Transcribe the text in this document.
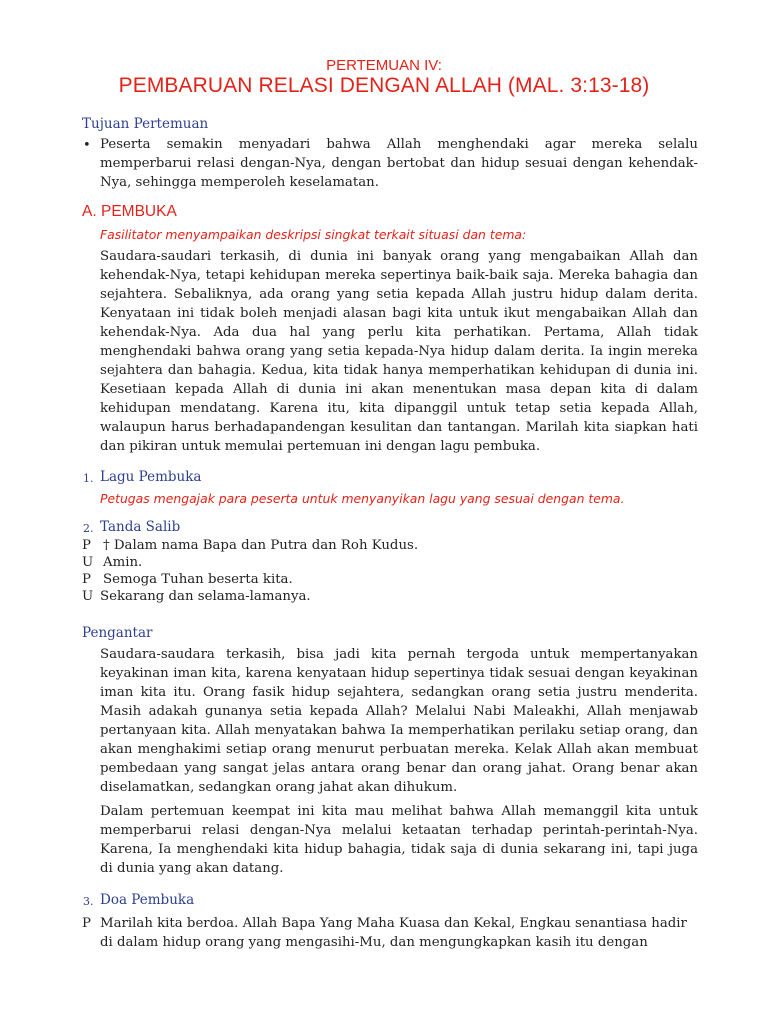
PERTEMUAN IV:
PEMBARUAN RELASI DENGAN ALLAH (MAL. 3:13-18)
Tujuan Pertemuan
• Peserta semakin menyadari bahwa Allah menghendaki agar mereka selalu memperbarui relasi dengan-Nya, dengan bertobat dan hidup sesuai dengan kehendak-Nya, sehingga memperoleh keselamatan.
A. PEMBUKA
Fasilitator menyampaikan deskripsi singkat terkait situasi dan tema:
Saudara-saudari terkasih, di dunia ini banyak orang yang mengabaikan Allah dan kehendak-Nya, tetapi kehidupan mereka sepertinya baik-baik saja. Mereka bahagia dan sejahtera. Sebaliknya, ada orang yang setia kepada Allah justru hidup dalam derita. Kenyataan ini tidak boleh menjadi alasan bagi kita untuk ikut mengabaikan Allah dan kehendak-Nya. Ada dua hal yang perlu kita perhatikan. Pertama, Allah tidak menghendaki bahwa orang yang setia kepada-Nya hidup dalam derita. Ia ingin mereka sejahtera dan bahagia. Kedua, kita tidak hanya memperhatikan kehidupan di dunia ini. Kesetiaan kepada Allah di dunia ini akan menentukan masa depan kita di dalam kehidupan mendatang. Karena itu, kita dipanggil untuk tetap setia kepada Allah, walaupun harus berhadapandengan kesulitan dan tantangan. Marilah kita siapkan hati dan pikiran untuk memulai pertemuan ini dengan lagu pembuka.
1. Lagu Pembuka
Petugas mengajak para peserta untuk menyanyikan lagu yang sesuai dengan tema.
2. Tanda Salib
P † Dalam nama Bapa dan Putra dan Roh Kudus.
U Amin.
P Semoga Tuhan beserta kita.
U Sekarang dan selama-lamanya.
Pengantar
Saudara-saudara terkasih, bisa jadi kita pernah tergoda untuk mempertanyakan keyakinan iman kita, karena kenyataan hidup sepertinya tidak sesuai dengan keyakinan iman kita itu. Orang fasik hidup sejahtera, sedangkan orang setia justru menderita. Masih adakah gunanya setia kepada Allah? Melalui Nabi Maleakhi, Allah menjawab pertanyaan kita. Allah menyatakan bahwa Ia memperhatikan perilaku setiap orang, dan akan menghakimi setiap orang menurut perbuatan mereka. Kelak Allah akan membuat pembedaan yang sangat jelas antara orang benar dan orang jahat. Orang benar akan diselamatkan, sedangkan orang jahat akan dihukum.
Dalam pertemuan keempat ini kita mau melihat bahwa Allah memanggil kita untuk memperbarui relasi dengan-Nya melalui ketaatan terhadap perintah-perintah-Nya. Karena, Ia menghendaki kita hidup bahagia, tidak saja di dunia sekarang ini, tapi juga di dunia yang akan datang.
3. Doa Pembuka
P Marilah kita berdoa. Allah Bapa Yang Maha Kuasa dan Kekal, Engkau senantiasa hadir
di dalam hidup orang yang mengasihi-Mu, dan mengungkapkan kasih itu dengan
